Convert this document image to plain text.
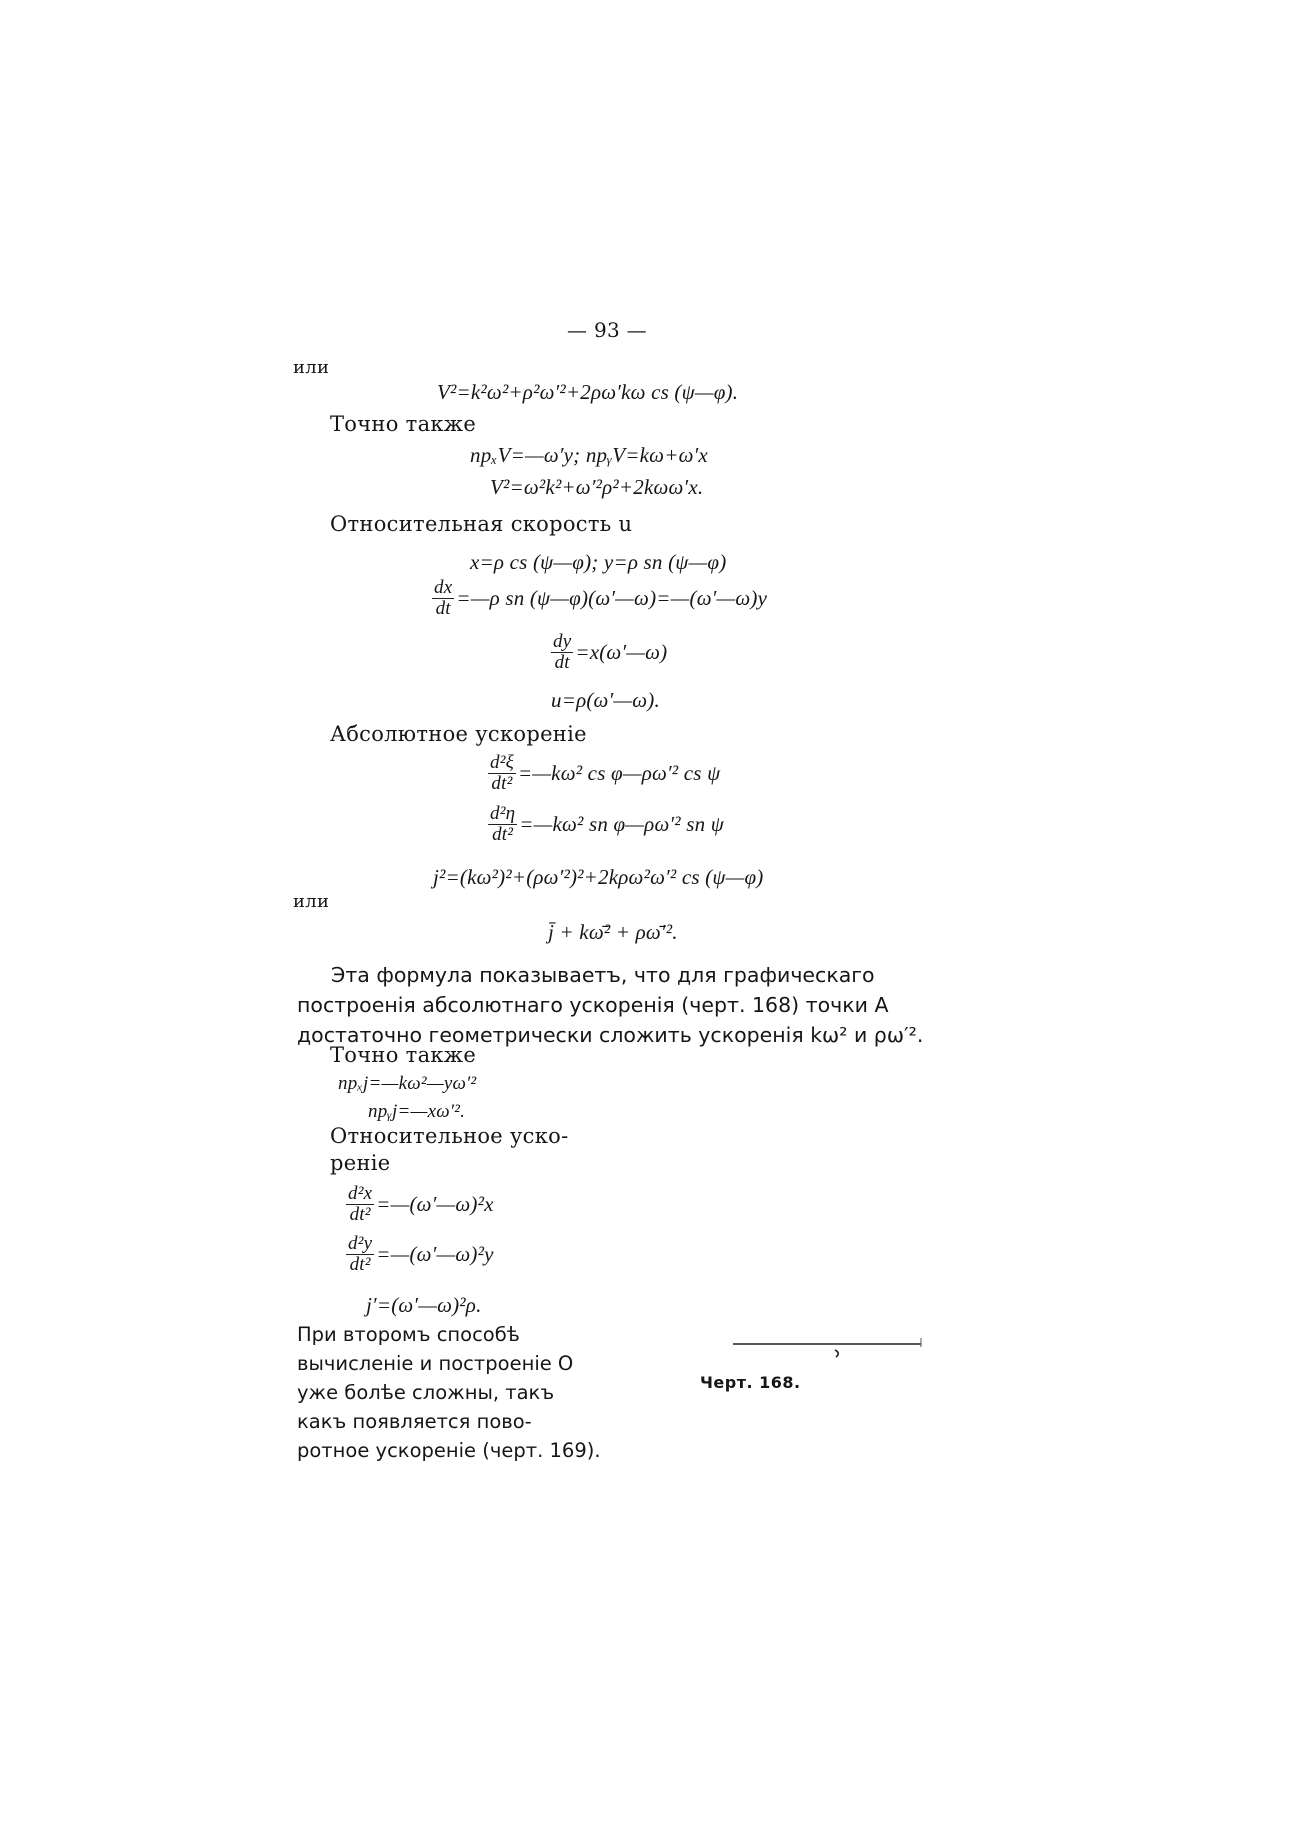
— 93 —
или
V²=k²ω²+ρ²ω′²+2ρω′kω cs (ψ—φ).
Точно также
npₓV=—ω′y; npᵧV=kω+ω′x
V²=ω²k²+ω′²ρ²+2kωω′x.
Относительная скорость u
x=ρ cs (ψ—φ); y=ρ sn (ψ—φ)
$\frac{dx}{dt}$ =—ρ sn (ψ—φ)(ω′—ω)=—(ω′—ω)y
$\frac{dy}{dt}$ =x(ω′—ω)
u=ρ(ω′—ω).
Абсолютное ускоренiе
$\frac{\text{d²ξ}}{\text{dt²}}$ =—kω² cs φ—ρω′² cs ψ
$\frac{\text{d²η}}{\text{dt²}}$ =—kω² sn φ—ρω′² sn ψ
j²=(kω²)²+(ρω′²)²+2kρω²ω′² cs (ψ—φ)
или
j̄ + kω̄² + ρω̄′².
Эта формула показываетъ, что для графическаго построенiя абсолютнаго ускоренiя (черт. 168) точки A достаточно геометрически сложить ускоренiя kω² и ρω′².
Точно также
npₓj=—kω²—yω′²
npᵧj=—xω′².
Относительное уско-
ренiе
$\frac{\text{d²x}}{\text{dt²}}$ =—(ω′—ω)²x
$\frac{\text{d²y}}{\text{dt²}}$ =—(ω′—ω)²y
j′=(ω′—ω)²ρ.
При второмъ способѣ
вычисленiе и построенiе O
уже болѣе сложны, такъ
какъ появляется пово-
ротное ускоренiе (черт. 169).
Черт. 168.
